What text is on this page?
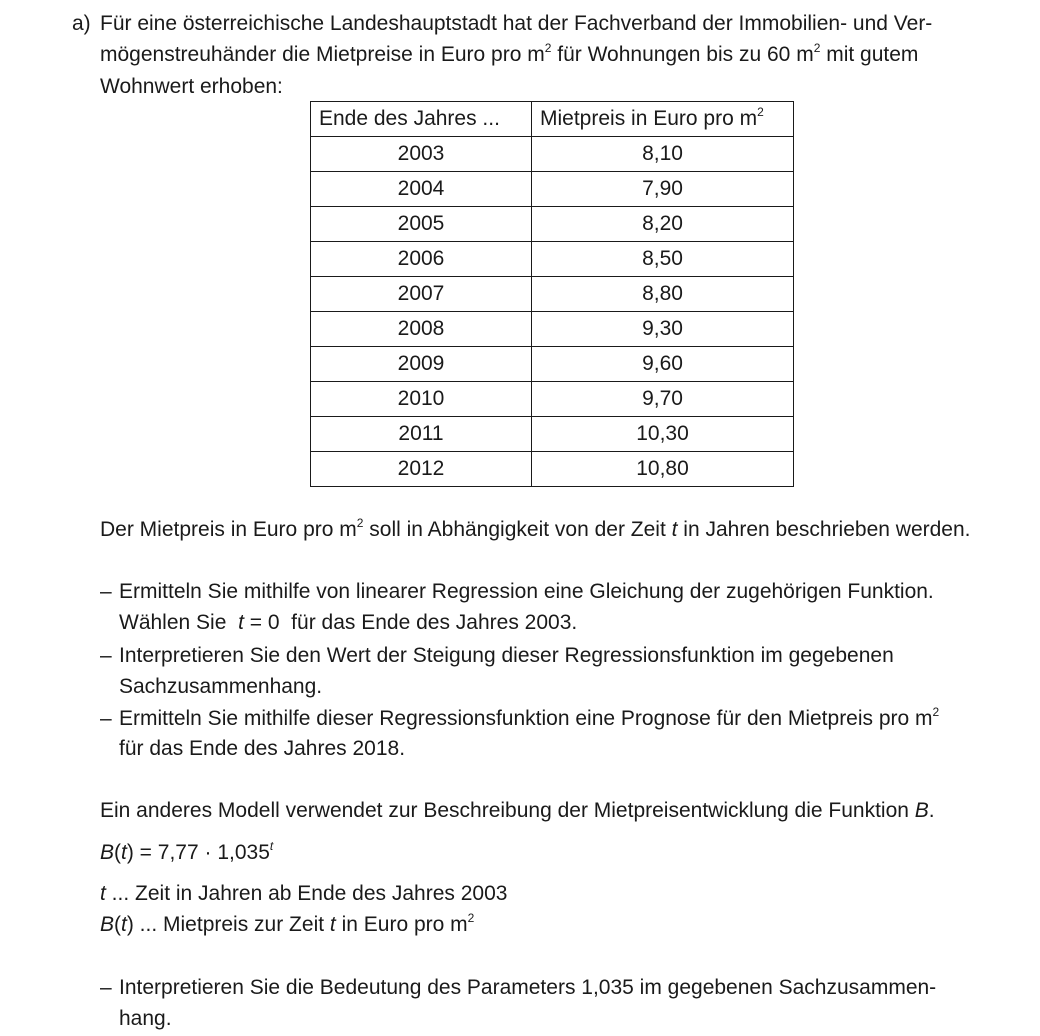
a) Für eine österreichische Landeshauptstadt hat der Fachverband der Immobilien- und Ver-

mögenstreuhänder die Mietpreise in Euro pro $m^2$ für Wohnungen bis zu 60 $m^2$ mit gutem

Wohnwert erhoben:

Ende des Jahres ...	Mietpreis in Euro pro $m^2$
2003	8,10
2004	7,90
2005	8,20
2006	8,50
2007	8,80
2008	9,30
2009	9,60
2010	9,70
2011	10,30
2012	10,80

Der Mietpreis in Euro pro $m^2$ soll in Abhängigkeit von der Zeit t in Jahren beschrieben werden.

– Ermitteln Sie mithilfe von linearer Regression eine Gleichung der zugehörigen Funktion.

Wählen Sie  t = 0  für das Ende des Jahres 2003.

– Interpretieren Sie den Wert der Steigung dieser Regressionsfunktion im gegebenen

Sachzusammenhang.

– Ermitteln Sie mithilfe dieser Regressionsfunktion eine Prognose für den Mietpreis pro $m^2$

für das Ende des Jahres 2018.

Ein anderes Modell verwendet zur Beschreibung der Mietpreisentwicklung die Funktion B.

$B(t) = 7,77 \cdot 1,035^t$

t ... Zeit in Jahren ab Ende des Jahres 2003

B(t) ... Mietpreis zur Zeit t in Euro pro $m^2$

– Interpretieren Sie die Bedeutung des Parameters 1,035 im gegebenen Sachzusammen-

hang.
